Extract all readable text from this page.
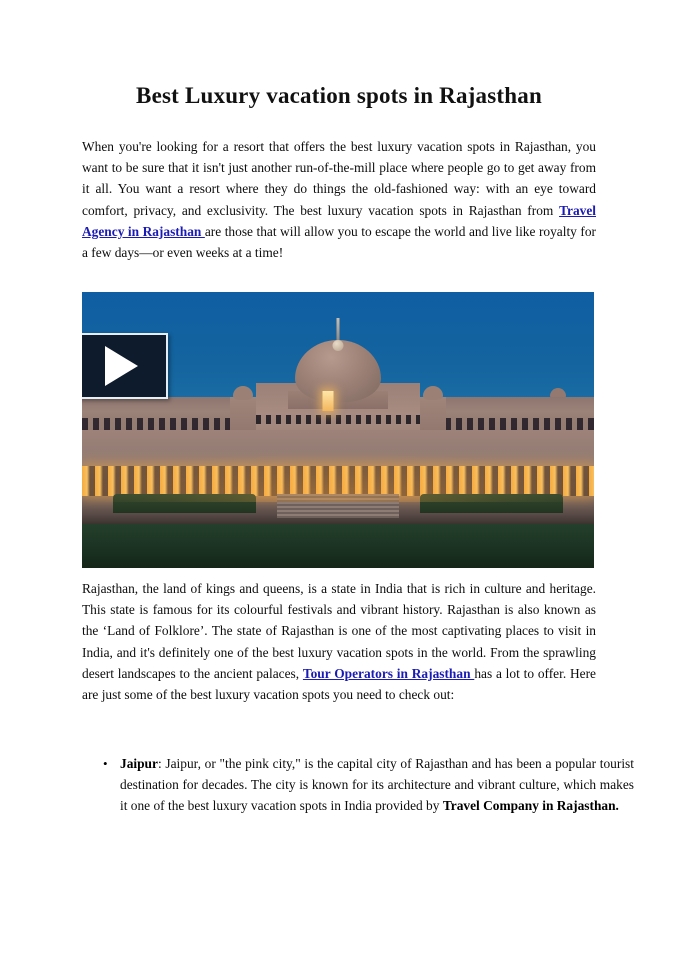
Best Luxury vacation spots in Rajasthan

When you're looking for a resort that offers the best luxury vacation spots in Rajasthan, you want to be sure that it isn't just another run-of-the-mill place where people go to get away from it all. You want a resort where they do things the old-fashioned way: with an eye toward comfort, privacy, and exclusivity. The best luxury vacation spots in Rajasthan from Travel Agency in Rajasthan are those that will allow you to escape the world and live like royalty for a few days—or even weeks at a time!

Rajasthan, the land of kings and queens, is a state in India that is rich in culture and heritage. This state is famous for its colourful festivals and vibrant history. Rajasthan is also known as the ‘Land of Folklore’. The state of Rajasthan is one of the most captivating places to visit in India, and it's definitely one of the best luxury vacation spots in the world. From the sprawling desert landscapes to the ancient palaces, Tour Operators in Rajasthan has a lot to offer. Here are just some of the best luxury vacation spots you need to check out:

• Jaipur: Jaipur, or "the pink city," is the capital city of Rajasthan and has been a popular tourist destination for decades. The city is known for its architecture and vibrant culture, which makes it one of the best luxury vacation spots in India provided by Travel Company in Rajasthan.
